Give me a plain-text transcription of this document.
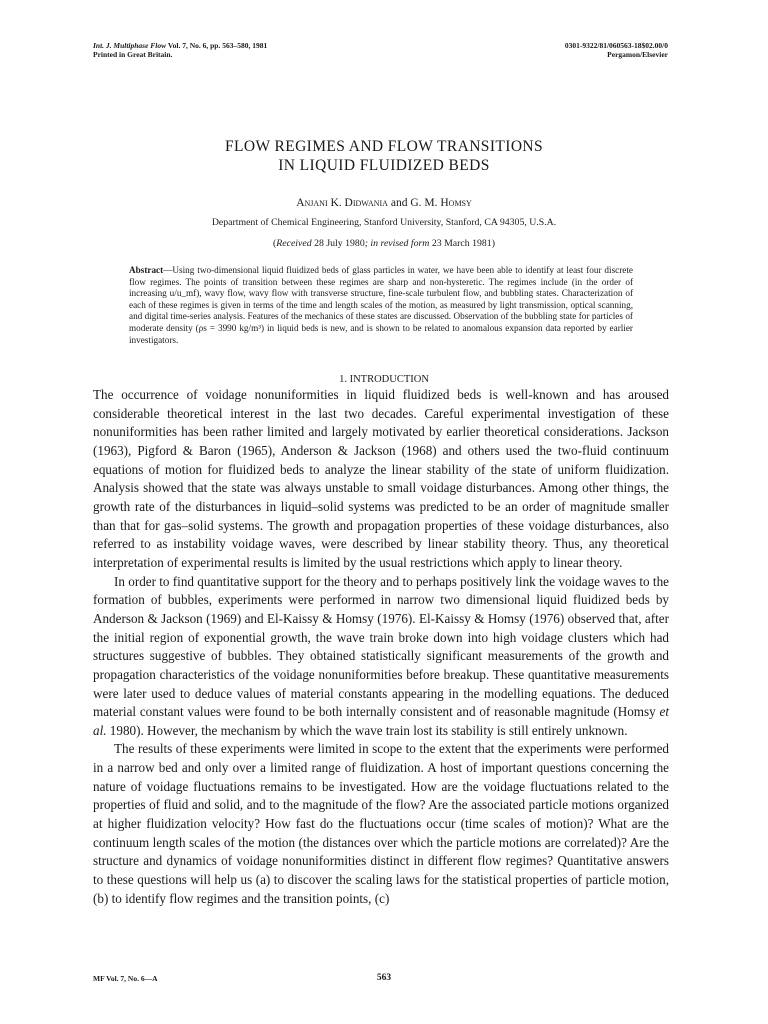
Int. J. Multiphase Flow Vol. 7, No. 6, pp. 563–580, 1981
Printed in Great Britain.
0301-9322/81/060563-18$02.00/0
Pergamon/Elsevier
FLOW REGIMES AND FLOW TRANSITIONS
IN LIQUID FLUIDIZED BEDS
Anjani K. Didwania and G. M. Homsy
Department of Chemical Engineering, Stanford University, Stanford, CA 94305, U.S.A.
(Received 28 July 1980; in revised form 23 March 1981)
Abstract—Using two-dimensional liquid fluidized beds of glass particles in water, we have been able to identify at least four discrete flow regimes. The points of transition between these regimes are sharp and non-hysteretic. The regimes include (in the order of increasing u/u_mf), wavy flow, wavy flow with transverse structure, fine-scale turbulent flow, and bubbling states. Characterization of each of these regimes is given in terms of the time and length scales of the motion, as measured by light transmission, optical scanning, and digital time-series analysis. Features of the mechanics of these states are discussed. Observation of the bubbling state for particles of moderate density (ρs = 3990 kg/m³) in liquid beds is new, and is shown to be related to anomalous expansion data reported by earlier investigators.
1. INTRODUCTION

The occurrence of voidage nonuniformities in liquid fluidized beds is well-known and has aroused considerable theoretical interest in the last two decades. Careful experimental investigation of these nonuniformities has been rather limited and largely motivated by earlier theoretical considerations. Jackson (1963), Pigford & Baron (1965), Anderson & Jackson (1968) and others used the two-fluid continuum equations of motion for fluidized beds to analyze the linear stability of the state of uniform fluidization. Analysis showed that the state was always unstable to small voidage disturbances. Among other things, the growth rate of the disturbances in liquid–solid systems was predicted to be an order of magnitude smaller than that for gas–solid systems. The growth and propagation properties of these voidage disturbances, also referred to as instability voidage waves, were described by linear stability theory. Thus, any theoretical interpretation of experimental results is limited by the usual restrictions which apply to linear theory.

In order to find quantitative support for the theory and to perhaps positively link the voidage waves to the formation of bubbles, experiments were performed in narrow two dimensional liquid fluidized beds by Anderson & Jackson (1969) and El-Kaissy & Homsy (1976). El-Kaissy & Homsy (1976) observed that, after the initial region of exponential growth, the wave train broke down into high voidage clusters which had structures suggestive of bubbles. They obtained statistically significant measurements of the growth and propagation characteristics of the voidage nonuniformities before breakup. These quantitative measurements were later used to deduce values of material constants appearing in the modelling equations. The deduced material constant values were found to be both internally consistent and of reasonable magnitude (Homsy et al. 1980). However, the mechanism by which the wave train lost its stability is still entirely unknown.

The results of these experiments were limited in scope to the extent that the experiments were performed in a narrow bed and only over a limited range of fluidization. A host of important questions concerning the nature of voidage fluctuations remains to be investigated. How are the voidage fluctuations related to the properties of fluid and solid, and to the magnitude of the flow? Are the associated particle motions organized at higher fluidization velocity? How fast do the fluctuations occur (time scales of motion)? What are the continuum length scales of the motion (the distances over which the particle motions are correlated)? Are the structure and dynamics of voidage nonuniformities distinct in different flow regimes? Quantitative answers to these questions will help us (a) to discover the scaling laws for the statistical properties of particle motion, (b) to identify flow regimes and the transition points, (c)

MF Vol. 7, No. 6—A	563
